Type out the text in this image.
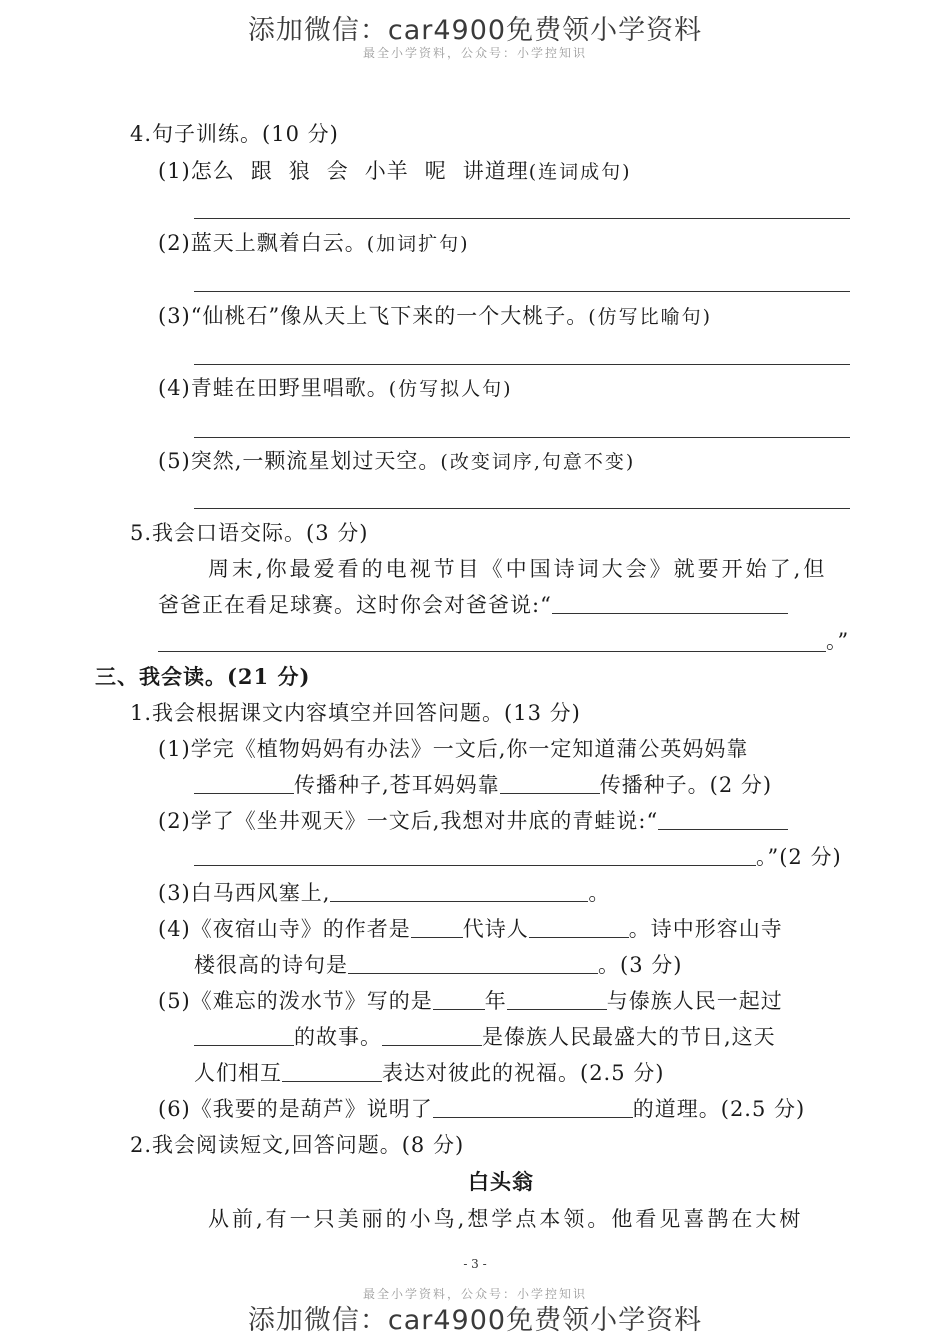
添加微信：car4900免费领小学资料
最全小学资料，公众号：小学控知识
4.句子训练。(10 分)
(1)怎么 跟 狼 会 小羊 呢 讲道理(连词成句)
(2)蓝天上飘着白云。(加词扩句)
(3)“仙桃石”像从天上飞下来的一个大桃子。(仿写比喻句)
(4)青蛙在田野里唱歌。(仿写拟人句)
(5)突然,一颗流星划过天空。(改变词序,句意不变)
5.我会口语交际。(3 分)
周末,你最爱看的电视节目《中国诗词大会》就要开始了,但
爸爸正在看足球赛。这时你会对爸爸说:“
。”
三、我会读。(21 分)
1.我会根据课文内容填空并回答问题。(13 分)
(1)学完《植物妈妈有办法》一文后,你一定知道蒲公英妈妈靠
传播种子,苍耳妈妈靠	传播种子。(2 分)
(2)学了《坐井观天》一文后,我想对井底的青蛙说:“
。”(2 分)
(3)白马西风塞上,	。
(4)《夜宿山寺》的作者是 代诗人	。诗中形容山寺
楼很高的诗句是	。(3 分)
(5)《难忘的泼水节》写的是 年	与傣族人民一起过
的故事。	是傣族人民最盛大的节日,这天
人们相互	表达对彼此的祝福。(2.5 分)
(6)《我要的是葫芦》说明了	的道理。(2.5 分)
2.我会阅读短文,回答问题。(8 分)
白头翁
从前,有一只美丽的小鸟,想学点本领。他看见喜鹊在大树
- 3 -
最全小学资料，公众号：小学控知识
添加微信：car4900免费领小学资料
